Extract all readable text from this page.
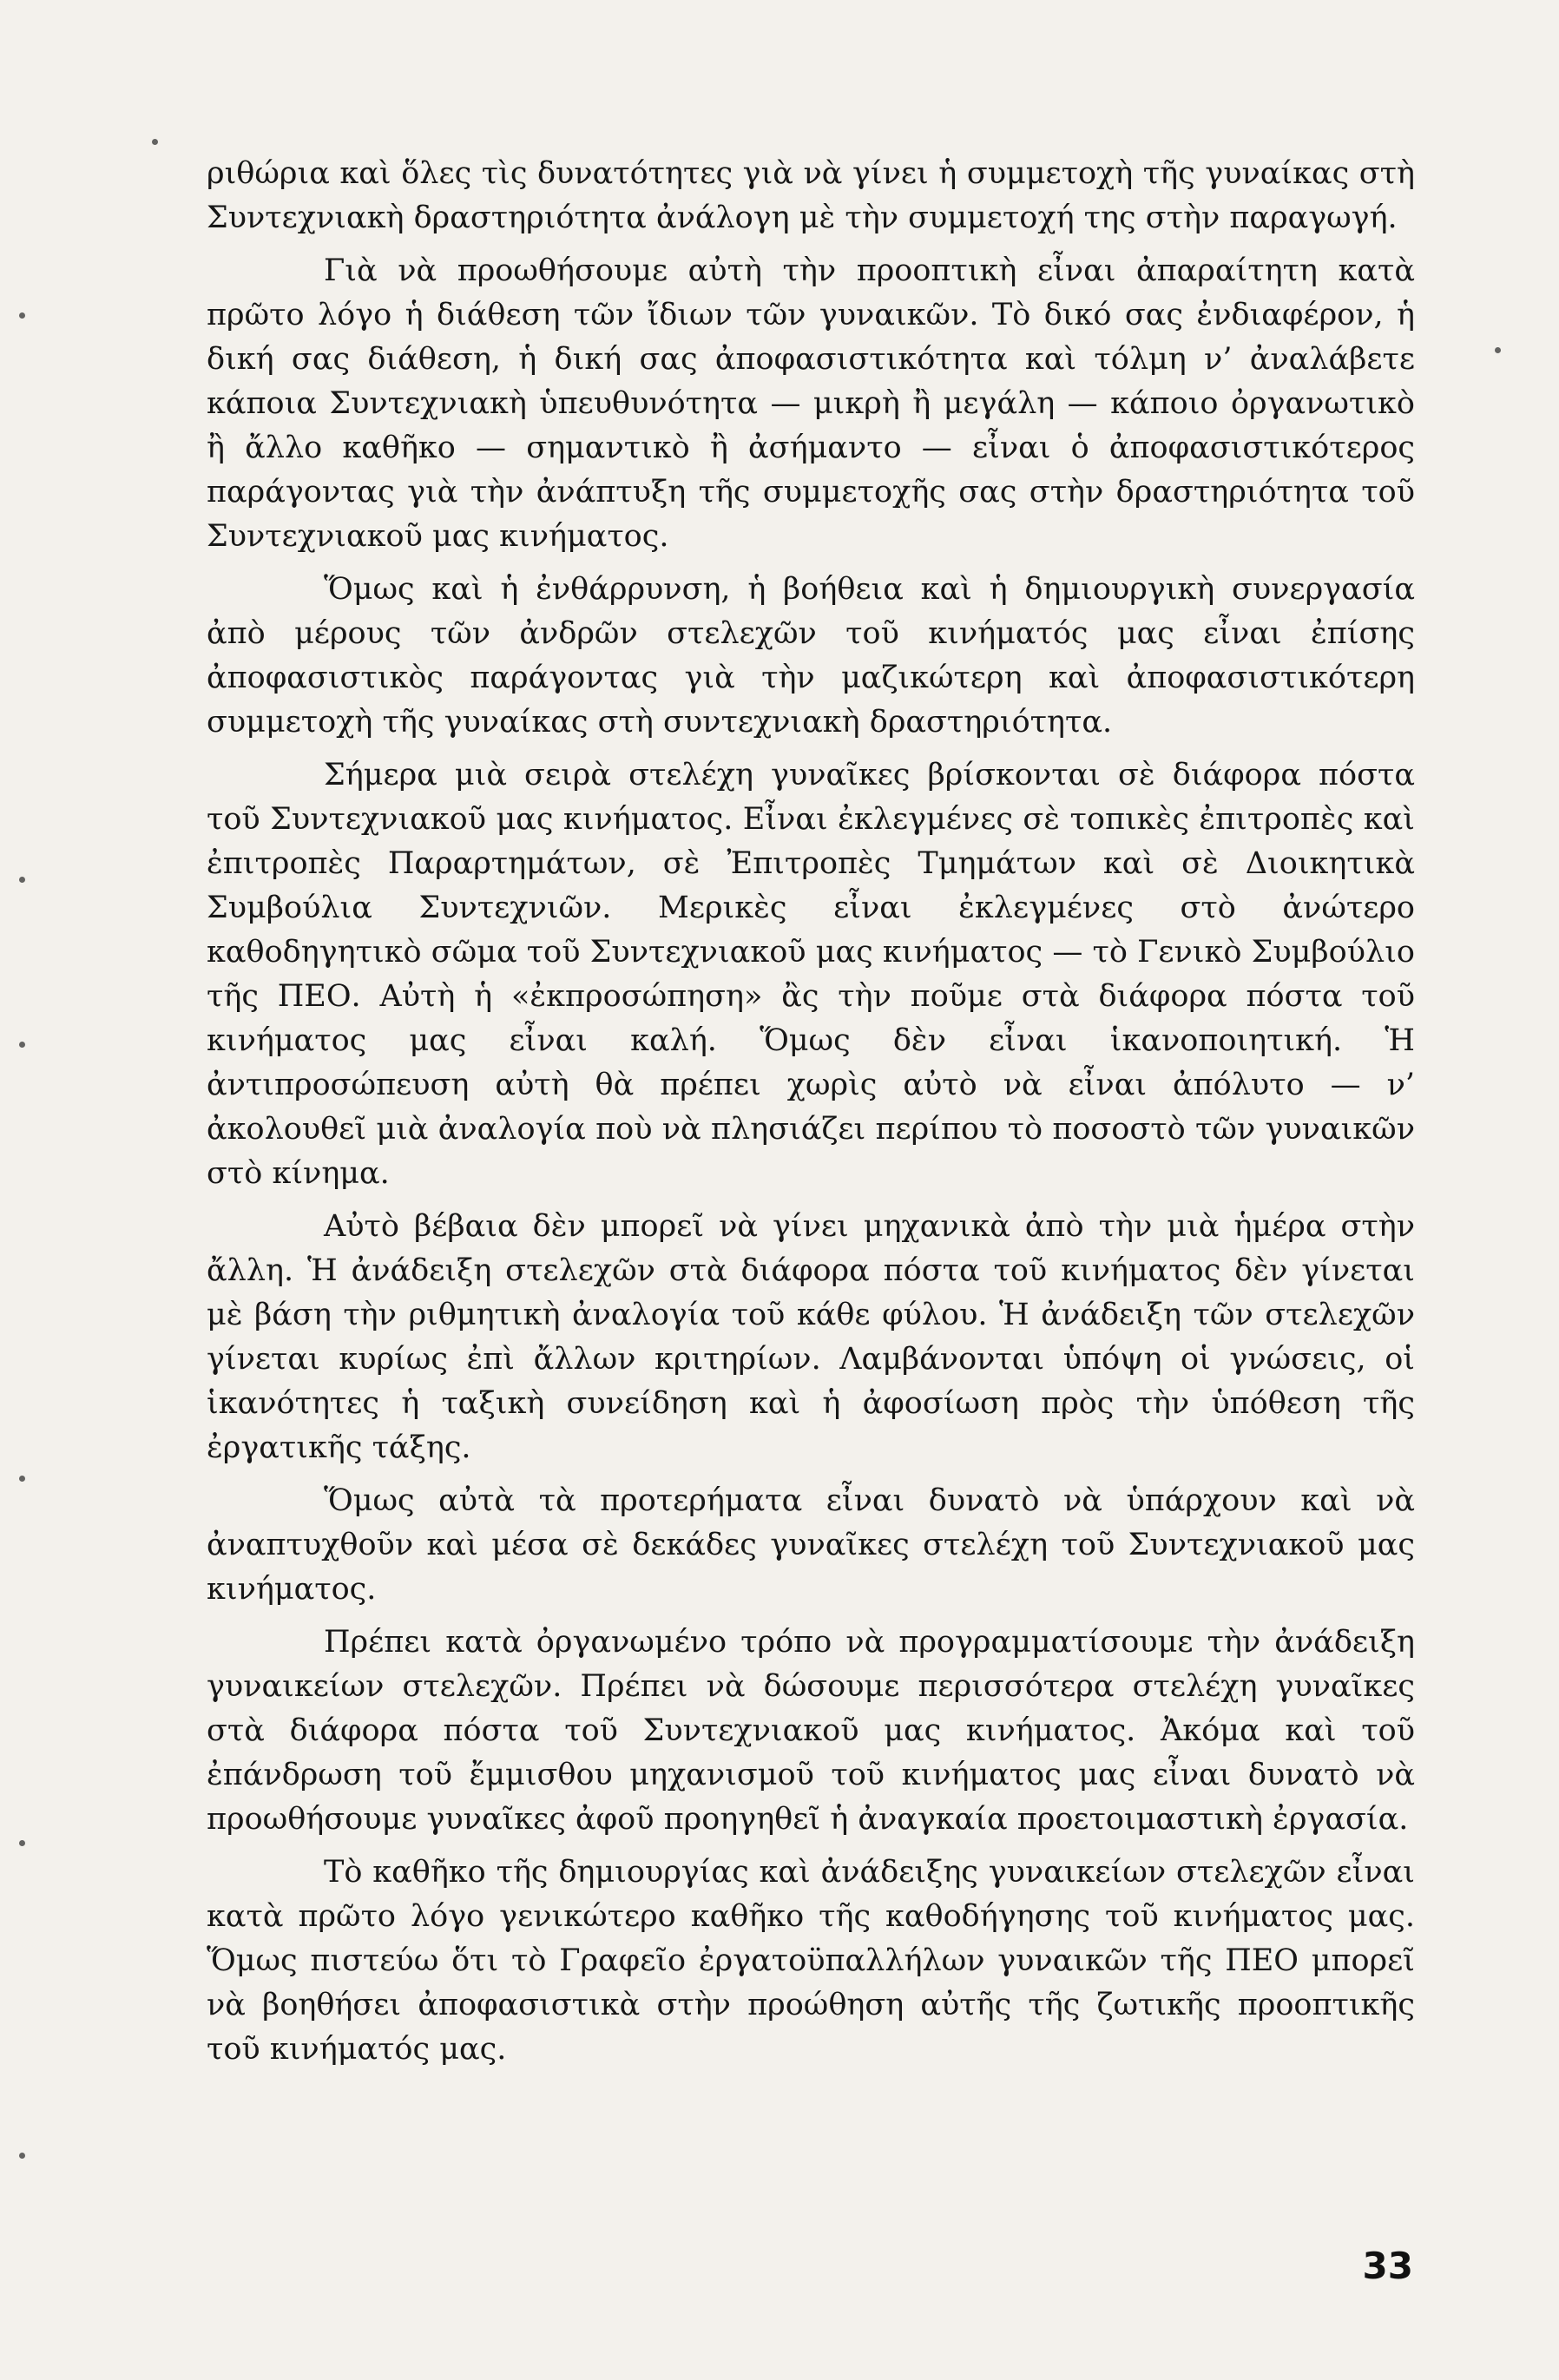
ριθώρια καὶ ὅλες τὶς δυνατότητες γιὰ νὰ γίνει ἡ συμμετοχὴ τῆς γυναίκας στὴ Συντεχνιακὴ δραστηριότητα ἀνάλογη μὲ τὴν συμμετοχή της στὴν παραγωγή.

Γιὰ νὰ προωθήσουμε αὐτὴ τὴν προοπτικὴ εἶναι ἀπαραίτητη κατὰ πρῶτο λόγο ἡ διάθεση τῶν ἴδιων τῶν γυναικῶν. Τὸ δικό σας ἐνδιαφέρον, ἡ δική σας διάθεση, ἡ δική σας ἀποφασιστικότητα καὶ τόλμη ν’ ἀναλάβετε κάποια Συντεχνιακὴ ὑπευθυνότητα — μικρὴ ἢ μεγάλη — κάποιο ὀργανωτικὸ ἢ ἄλλο καθῆκο — σημαντικὸ ἢ ἀσήμαντο — εἶναι ὁ ἀποφασιστικότερος παράγοντας γιὰ τὴν ἀνάπτυξη τῆς συμμετοχῆς σας στὴν δραστηριότητα τοῦ Συντεχνιακοῦ μας κινήματος.

Ὅμως καὶ ἡ ἐνθάρρυνση, ἡ βοήθεια καὶ ἡ δημιουργικὴ συνεργασία ἀπὸ μέρους τῶν ἀνδρῶν στελεχῶν τοῦ κινήματός μας εἶναι ἐπίσης ἀποφασιστικὸς παράγοντας γιὰ τὴν μαζικώτερη καὶ ἀποφασιστικότερη συμμετοχὴ τῆς γυναίκας στὴ συντεχνιακὴ δραστηριότητα.

Σήμερα μιὰ σειρὰ στελέχη γυναῖκες βρίσκονται σὲ διάφορα πόστα τοῦ Συντεχνιακοῦ μας κινήματος. Εἶναι ἐκλεγμένες σὲ τοπικὲς ἐπιτροπὲς καὶ ἐπιτροπὲς Παραρτημάτων, σὲ Ἐπιτροπὲς Τμημάτων καὶ σὲ Διοικητικὰ Συμβούλια Συντεχνιῶν. Μερικὲς εἶναι ἐκλεγμένες στὸ ἀνώτερο καθοδηγητικὸ σῶμα τοῦ Συντεχνιακοῦ μας κινήματος — τὸ Γενικὸ Συμβούλιο τῆς ΠΕΟ. Αὐτὴ ἡ «ἐκπροσώπηση» ἂς τὴν ποῦμε στὰ διάφορα πόστα τοῦ κινήματος μας εἶναι καλή. Ὅμως δὲν εἶναι ἱκανοποιητική. Ἡ ἀντιπροσώπευση αὐτὴ θὰ πρέπει χωρὶς αὐτὸ νὰ εἶναι ἀπόλυτο — ν’ ἀκολουθεῖ μιὰ ἀναλογία ποὺ νὰ πλησιάζει περίπου τὸ ποσοστὸ τῶν γυναικῶν στὸ κίνημα.

Αὐτὸ βέβαια δὲν μπορεῖ νὰ γίνει μηχανικὰ ἀπὸ τὴν μιὰ ἡμέρα στὴν ἄλλη. Ἡ ἀνάδειξη στελεχῶν στὰ διάφορα πόστα τοῦ κινήματος δὲν γίνεται μὲ βάση τὴν ριθμητικὴ ἀναλογία τοῦ κάθε φύλου. Ἡ ἀνάδειξη τῶν στελεχῶν γίνεται κυρίως ἐπὶ ἄλλων κριτηρίων. Λαμβάνονται ὑπόψη οἱ γνώσεις, οἱ ἱκανότητες ἡ ταξικὴ συνείδηση καὶ ἡ ἀφοσίωση πρὸς τὴν ὑπόθεση τῆς ἐργατικῆς τάξης.

Ὅμως αὐτὰ τὰ προτερήματα εἶναι δυνατὸ νὰ ὑπάρχουν καὶ νὰ ἀναπτυχθοῦν καὶ μέσα σὲ δεκάδες γυναῖκες στελέχη τοῦ Συντεχνιακοῦ μας κινήματος.

Πρέπει κατὰ ὀργανωμένο τρόπο νὰ προγραμματίσουμε τὴν ἀνάδειξη γυναικείων στελεχῶν. Πρέπει νὰ δώσουμε περισσότερα στελέχη γυναῖκες στὰ διάφορα πόστα τοῦ Συντεχνιακοῦ μας κινήματος. Ἀκόμα καὶ τοῦ ἐπάνδρωση τοῦ ἔμμισθου μηχανισμοῦ τοῦ κινήματος μας εἶναι δυνατὸ νὰ προωθήσουμε γυναῖκες ἀφοῦ προηγηθεῖ ἡ ἀναγκαία προετοιμαστικὴ ἐργασία.

Τὸ καθῆκο τῆς δημιουργίας καὶ ἀνάδειξης γυναικείων στελεχῶν εἶναι κατὰ πρῶτο λόγο γενικώτερο καθῆκο τῆς καθοδήγησης τοῦ κινήματος μας. Ὅμως πιστεύω ὅτι τὸ Γραφεῖο ἐργατοϋπαλλήλων γυναικῶν τῆς ΠΕΟ μπορεῖ νὰ βοηθήσει ἀποφασιστικὰ στὴν προώθηση αὐτῆς τῆς ζωτικῆς προοπτικῆς τοῦ κινήματός μας.

33
